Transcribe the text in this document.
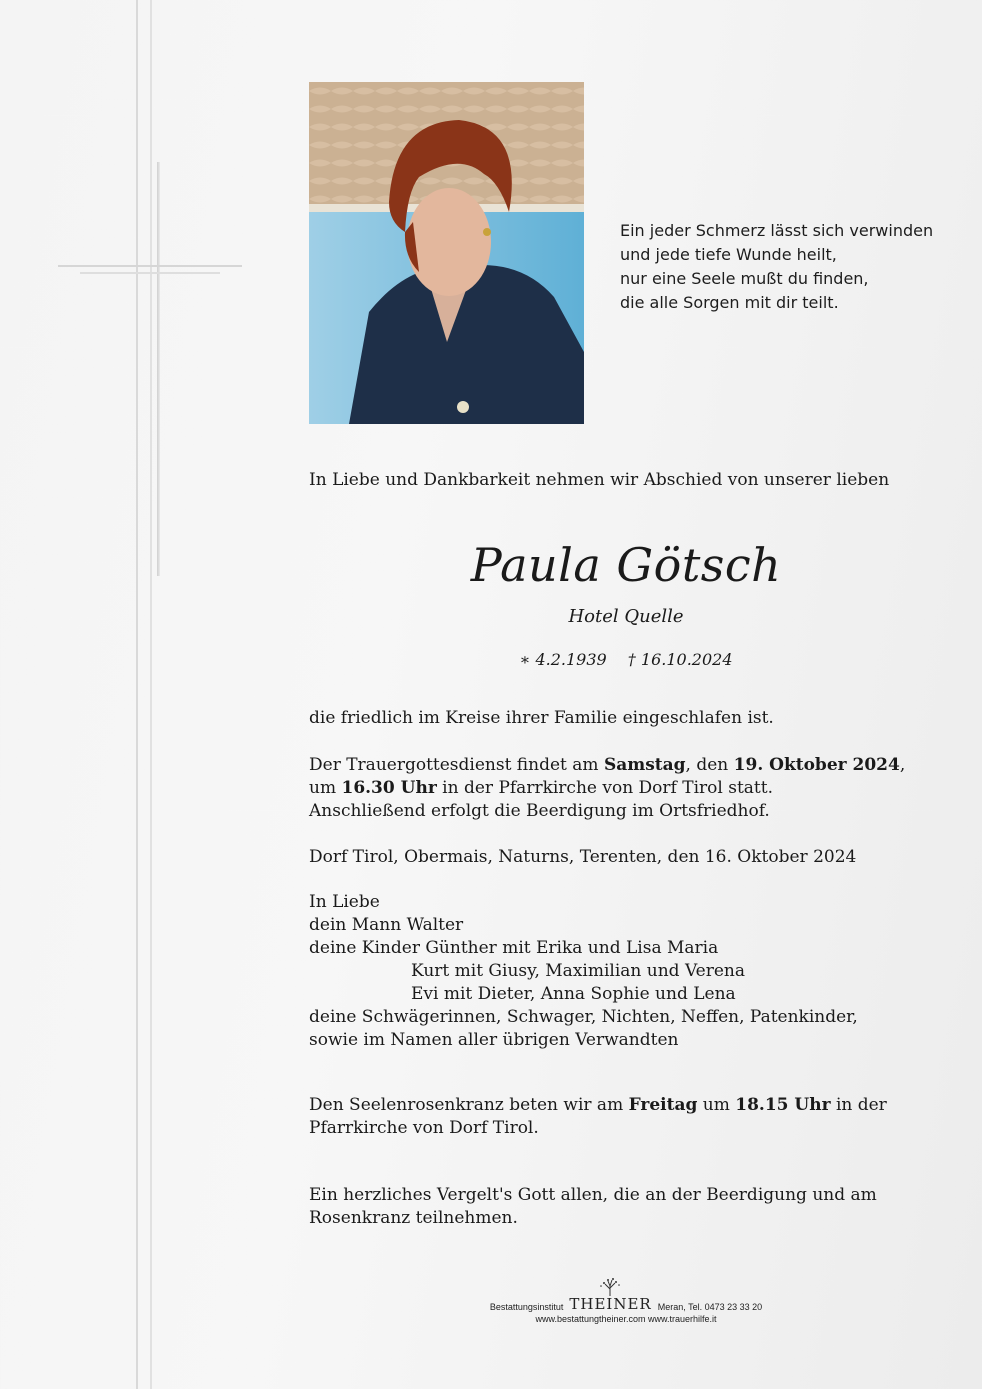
Ein jeder Schmerz lässt sich verwinden
und jede tiefe Wunde heilt,
nur eine Seele mußt du finden,
die alle Sorgen mit dir teilt.
In Liebe und Dankbarkeit nehmen wir Abschied von unserer lieben
Paula Götsch
Hotel Quelle
∗ 4.2.1939 † 16.10.2024
die friedlich im Kreise ihrer Familie eingeschlafen ist.
Der Trauergottesdienst findet am Samstag, den 19. Oktober 2024,
um 16.30 Uhr in der Pfarrkirche von Dorf Tirol statt.
Anschließend erfolgt die Beerdigung im Ortsfriedhof.
Dorf Tirol, Obermais, Naturns, Terenten, den 16. Oktober 2024
In Liebe
dein Mann Walter
deine Kinder Günther mit Erika und Lisa Maria
Kurt mit Giusy, Maximilian und Verena
Evi mit Dieter, Anna Sophie und Lena
deine Schwägerinnen, Schwager, Nichten, Neffen, Patenkinder,
sowie im Namen aller übrigen Verwandten
Den Seelenrosenkranz beten wir am Freitag um 18.15 Uhr in der
Pfarrkirche von Dorf Tirol.
Ein herzliches Vergelt's Gott allen, die an der Beerdigung und am
Rosenkranz teilnehmen.
Bestattungsinstitut THEINER Meran, Tel. 0473 23 33 20
www.bestattungtheiner.com www.trauerhilfe.it
